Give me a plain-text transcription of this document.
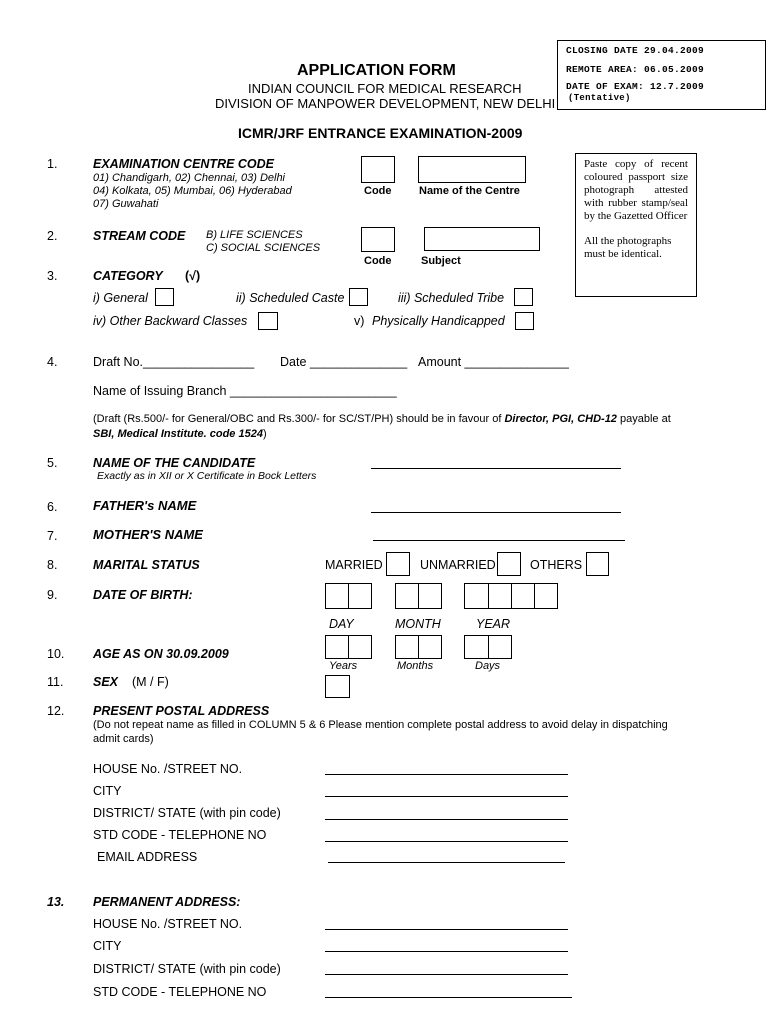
CLOSING DATE 29.04.2009
REMOTE AREA: 06.05.2009
DATE OF EXAM: 12.7.2009
(Tentative)
APPLICATION FORM
INDIAN COUNCIL FOR MEDICAL RESEARCH
DIVISION OF MANPOWER DEVELOPMENT, NEW DELHI
ICMR/JRF ENTRANCE EXAMINATION-2009
Paste copy of recent coloured passport size photograph attested with rubber stamp/seal by the Gazetted Officer
All the photographs must be identical.
1.	EXAMINATION CENTRE CODE
01) Chandigarh, 02) Chennai, 03) Delhi
04) Kolkata, 05) Mumbai, 06) Hyderabad
07) Guwahati
Code	Name of the Centre
2.	STREAM CODE B) LIFE SCIENCES
C) SOCIAL SCIENCES
Code	Subject
3.	CATEGORY (√)
i) General	ii) Scheduled Caste	iii) Scheduled Tribe
iv) Other Backward Classes	v) Physically Handicapped
4.	Draft No.________________ Date ______________ Amount _______________
Name of Issuing Branch ________________________
(Draft (Rs.500/- for General/OBC and Rs.300/- for SC/ST/PH) should be in favour of Director, PGI, CHD-12 payable at
SBI, Medical Institute. code 1524)
5.	NAME OF THE CANDIDATE
Exactly as in XII or X Certificate in Bock Letters
6.	FATHER's NAME
7.	MOTHER'S NAME
8.	MARITAL STATUS	MARRIED	UNMARRIED	OTHERS
9.	DATE OF BIRTH:
DAY	MONTH	YEAR
10. AGE AS ON 30.09.2009
Years	Months	Days
11. SEX (M / F)
12. PRESENT POSTAL ADDRESS
(Do not repeat name as filled in COLUMN 5 & 6 Please mention complete postal address to avoid delay in dispatching
admit cards)
HOUSE No. /STREET NO.
CITY
DISTRICT/ STATE (with pin code)
STD CODE - TELEPHONE NO
EMAIL ADDRESS
13. PERMANENT ADDRESS:
HOUSE No. /STREET NO.
CITY
DISTRICT/ STATE (with pin code)
STD CODE - TELEPHONE NO
